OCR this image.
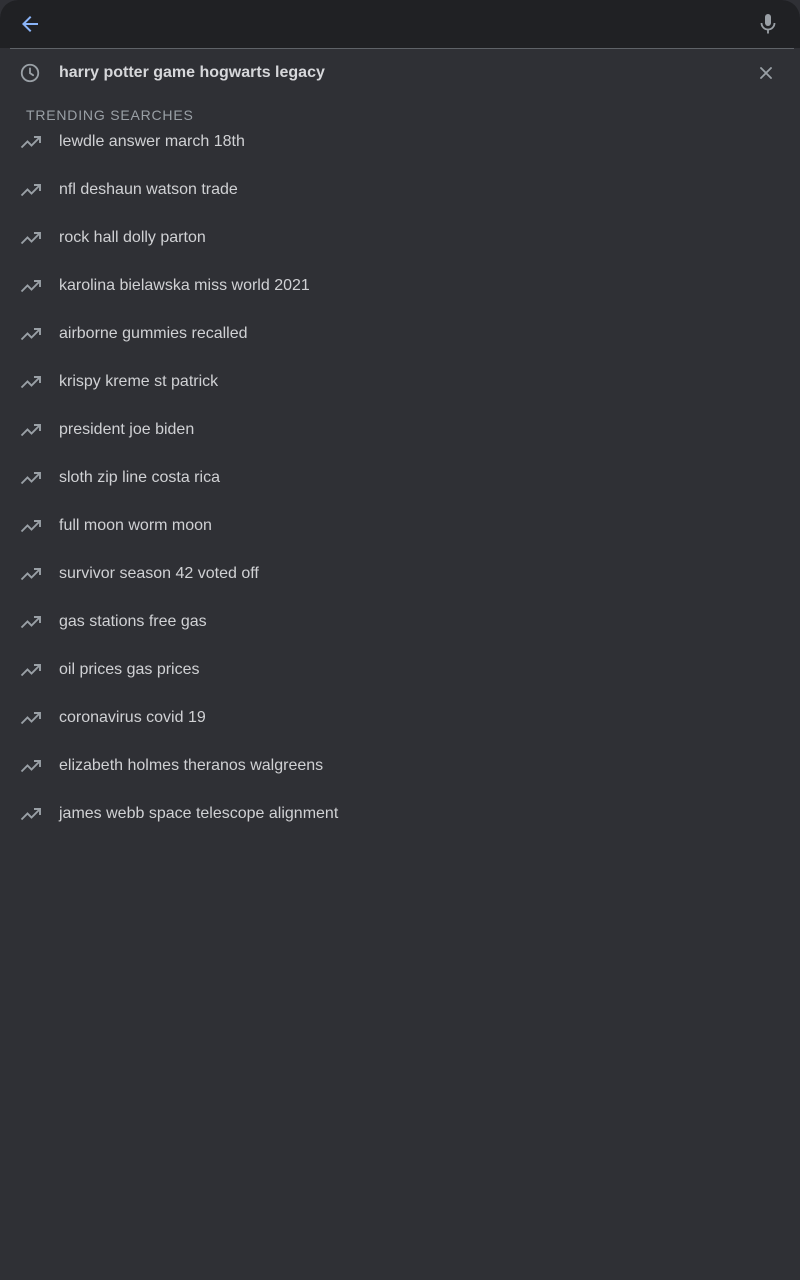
harry potter game hogwarts legacy
TRENDING SEARCHES
lewdle answer march 18th
nfl deshaun watson trade
rock hall dolly parton
karolina bielawska miss world 2021
airborne gummies recalled
krispy kreme st patrick
president joe biden
sloth zip line costa rica
full moon worm moon
survivor season 42 voted off
gas stations free gas
oil prices gas prices
coronavirus covid 19
elizabeth holmes theranos walgreens
james webb space telescope alignment
